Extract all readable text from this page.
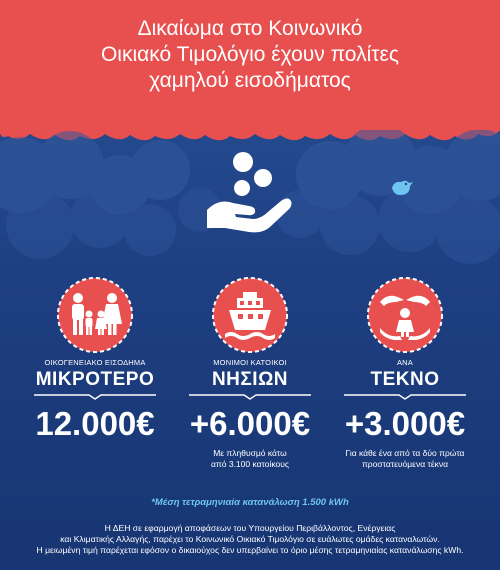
Δικαίωμα στο Κοινωνικό
Οικιακό Τιμολόγιο έχουν πολίτες
χαμηλού εισοδήματος
ΟΙΚΟΓΕΝΕΙΑΚΟ ΕΙΣΟΔΗΜΑ
ΜΙΚΡΟΤΕΡΟ
12.000€
ΜΟΝΙΜΟΙ ΚΑΤΟΙΚΟΙ
ΝΗΣΙΩΝ
+6.000€
Με πληθυσμό κάτω
από 3.100 κατοίκους
ΑΝΑ
ΤΕΚΝΟ
+3.000€
Για κάθε ένα από τα δύο πρώτα
προστατευόμενα τέκνα
*Μέση τετραμηνιαία κατανάλωση 1.500 kWh
Η ΔΕΗ σε εφαρμογή αποφάσεων του Υπουργείου Περιβάλλοντος, Ενέργειας
και Κλιματικής Αλλαγής, παρέχει το Κοινωνικό Οικιακό Τιμολόγιο σε ευάλωτες ομάδες καταναλωτών.
Η μειωμένη τιμή παρέχεται εφόσον ο δικαιούχος δεν υπερβαίνει το όριο μέσης τετραμηνιαίας κατανάλωσης kWh.
